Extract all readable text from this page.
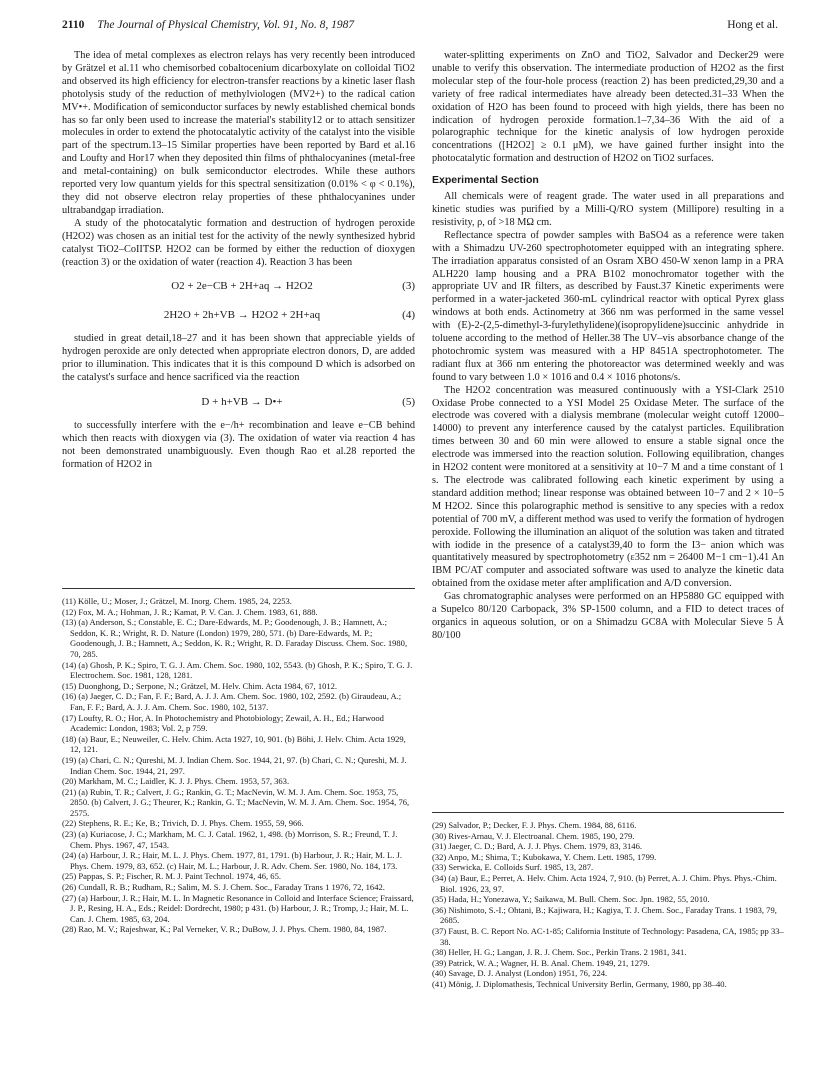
2110 The Journal of Physical Chemistry, Vol. 91, No. 8, 1987	Hong et al.

The idea of metal complexes as electron relays has very recently been introduced by Grätzel et al.11 who chemisorbed cobaltocenium dicarboxylate on colloidal TiO2 and observed its high efficiency for electron-transfer reactions by a kinetic laser flash photolysis study of the reduction of methylviologen (MV2+) to the radical cation MV•+. Modification of semiconductor surfaces by newly established chemical bonds has so far only been used to increase the material's stability12 or to attach sensitizer molecules in order to extend the photocatalytic activity of the catalyst into the visible part of the spectrum.13–15 Similar properties have been reported by Bard et al.16 and Loufty and Hor17 when they deposited thin films of phthalocyanines (metal-free and metal-containing) on bulk semiconductor electrodes. While these authors reported very low quantum yields for this spectral sensitization (0.01% < φ < 0.1%), they did not observe electron relay properties of these phthalocyanines under ultrabandgap irradiation.

A study of the photocatalytic formation and destruction of hydrogen peroxide (H2O2) was chosen as an initial test for the activity of the newly synthesized hybrid catalyst TiO2–CoIITSP. H2O2 can be formed by either the reduction of dioxygen (reaction 3) or the oxidation of water (reaction 4). Reaction 3 has been

O2 + 2e−CB + 2H+aq → H2O2	(3)
2H2O + 2h+VB → H2O2 + 2H+aq	(4)

studied in great detail,18–27 and it has been shown that appreciable yields of hydrogen peroxide are only detected when appropriate electron donors, D, are added prior to illumination. This indicates that it is this compound D which is adsorbed on the catalyst's surface and hence sacrificed via the reaction

D + h+VB → D•+	(5)

to successfully interfere with the e−/h+ recombination and leave e−CB behind which then reacts with dioxygen via (3). The oxidation of water via reaction 4 has not been demonstrated unambiguously. Even though Rao et al.28 reported the formation of H2O2 in

(11) Kölle, U.; Moser, J.; Grätzel, M. Inorg. Chem. 1985, 24, 2253.
(12) Fox, M. A.; Hohman, J. R.; Kamat, P. V. Can. J. Chem. 1983, 61, 888.
(13) (a) Anderson, S.; Constable, E. C.; Dare-Edwards, M. P.; Goodenough, J. B.; Hamnett, A.; Seddon, K. R.; Wright, R. D. Nature (London) 1979, 280, 571. (b) Dare-Edwards, M. P.; Goodenough, J. B.; Hamnett, A.; Seddon, K. R.; Wright, R. D. Faraday Discuss. Chem. Soc. 1980, 70, 285.
(14) (a) Ghosh, P. K.; Spiro, T. G. J. Am. Chem. Soc. 1980, 102, 5543. (b) Ghosh, P. K.; Spiro, T. G. J. Electrochem. Soc. 1981, 128, 1281.
(15) Duonghong, D.; Serpone, N.; Grätzel, M. Helv. Chim. Acta 1984, 67, 1012.
(16) (a) Jaeger, C. D.; Fan, F. F.; Bard, A. J. J. Am. Chem. Soc. 1980, 102, 2592. (b) Giraudeau, A.; Fan, F. F.; Bard, A. J. J. Am. Chem. Soc. 1980, 102, 5137.
(17) Loufty, R. O.; Hor, A. In Photochemistry and Photobiology; Zewail, A. H., Ed.; Harwood Academic: London, 1983; Vol. 2, p 759.
(18) (a) Baur, E.; Neuweiler, C. Helv. Chim. Acta 1927, 10, 901. (b) Böhi, J. Helv. Chim. Acta 1929, 12, 121.
(19) (a) Chari, C. N.; Qureshi, M. J. Indian Chem. Soc. 1944, 21, 97. (b) Chari, C. N.; Qureshi, M. J. Indian Chem. Soc. 1944, 21, 297.
(20) Markham, M. C.; Laidler, K. J. J. Phys. Chem. 1953, 57, 363.
(21) (a) Rubin, T. R.; Calvert, J. G.; Rankin, G. T.; MacNevin, W. M. J. Am. Chem. Soc. 1953, 75, 2850. (b) Calvert, J. G.; Theurer, K.; Rankin, G. T.; MacNevin, W. M. J. Am. Chem. Soc. 1954, 76, 2575.
(22) Stephens, R. E.; Ke, B.; Trivich, D. J. Phys. Chem. 1955, 59, 966.
(23) (a) Kuriacose, J. C.; Markham, M. C. J. Catal. 1962, 1, 498. (b) Morrison, S. R.; Freund, T. J. Chem. Phys. 1967, 47, 1543.
(24) (a) Harbour, J. R.; Hair, M. L. J. Phys. Chem. 1977, 81, 1791. (b) Harbour, J. R.; Hair, M. L. J. Phys. Chem. 1979, 83, 652. (c) Hair, M. L.; Harbour, J. R. Adv. Chem. Ser. 1980, No. 184, 173.
(25) Pappas, S. P.; Fischer, R. M. J. Paint Technol. 1974, 46, 65.
(26) Cundall, R. B.; Rudham, R.; Salim, M. S. J. Chem. Soc., Faraday Trans 1 1976, 72, 1642.
(27) (a) Harbour, J. R.; Hair, M. L. In Magnetic Resonance in Colloid and Interface Science; Fraissard, J. P., Resing, H. A., Eds.; Reidel: Dordrecht, 1980; p 431. (b) Harbour, J. R.; Tromp, J.; Hair, M. L. Can. J. Chem. 1985, 63, 204.
(28) Rao, M. V.; Rajeshwar, K.; Pal Verneker, V. R.; DuBow, J. J. Phys. Chem. 1980, 84, 1987.

water-splitting experiments on ZnO and TiO2, Salvador and Decker29 were unable to verify this observation. The intermediate production of H2O2 as the first molecular step of the four-hole process (reaction 2) has been predicted,29,30 and a variety of free radical intermediates have already been detected.31–33 When the oxidation of H2O has been found to proceed with high yields, there has been no indication of hydrogen peroxide formation.1–7,34–36 With the aid of a polarographic technique for the kinetic analysis of low hydrogen peroxide concentrations ([H2O2] ≥ 0.1 μM), we have gained further insight into the photocatalytic formation and destruction of H2O2 on TiO2 surfaces.

Experimental Section

All chemicals were of reagent grade. The water used in all preparations and kinetic studies was purified by a Milli-Q/RO system (Millipore) resulting in a resistivity, ρ, of >18 MΩ cm.

Reflectance spectra of powder samples with BaSO4 as a reference were taken with a Shimadzu UV-260 spectrophotometer equipped with an integrating sphere. The irradiation apparatus consisted of an Osram XBO 450-W xenon lamp in a PRA ALH220 lamp housing and a PRA B102 monochromator together with the appropriate UV and IR filters, as described by Faust.37 Kinetic experiments were performed in a water-jacketed 360-mL cylindrical reactor with optical Pyrex glass windows at both ends. Actinometry at 366 nm was performed in the same vessel with (E)-2-(2,5-dimethyl-3-furylethylidene)(isopropylidene)succinic anhydride in toluene according to the method of Heller.38 The UV–vis absorbance change of the photochromic system was measured with a HP 8451A spectrophotometer. The radiant flux at 366 nm entering the photoreactor was determined weekly and was found to vary between 1.0 × 1016 and 0.4 × 1016 photons/s.

The H2O2 concentration was measured continuously with a YSI-Clark 2510 Oxidase Probe connected to a YSI Model 25 Oxidase Meter. The surface of the electrode was covered with a dialysis membrane (molecular weight cutoff 12000–14000) to prevent any interference caused by the catalyst particles. Equilibration times between 30 and 60 min were allowed to ensure a stable signal once the electrode was immersed into the reaction solution. Following equilibration, changes in H2O2 content were monitored at a sensitivity at 10−7 M and a time constant of 1 s. The electrode was calibrated following each kinetic experiment by using a standard addition method; linear response was obtained between 10−7 and 2 × 10−5 M H2O2. Since this polarographic method is sensitive to any species with a redox potential of 700 mV, a different method was used to verify the formation of hydrogen peroxide. Following the illumination an aliquot of the solution was taken and titrated with iodide in the presence of a catalyst39,40 to form the I3− anion which was quantitatively measured by spectrophotometry (ε352 nm = 26400 M−1 cm−1).41 An IBM PC/AT computer and associated software was used to analyze the kinetic data obtained from the oxidase meter after amplification and A/D conversion.

Gas chromatographic analyses were performed on an HP5880 GC equipped with a Supelco 80/120 Carbopack, 3% SP-1500 column, and a FID to detect traces of organics in aqueous solution, or on a Shimadzu GC8A with Molecular Sieve 5 Å 80/100

(29) Salvador, P.; Decker, F. J. Phys. Chem. 1984, 88, 6116.
(30) Rives-Arnau, V. J. Electroanal. Chem. 1985, 190, 279.
(31) Jaeger, C. D.; Bard, A. J. J. Phys. Chem. 1979, 83, 3146.
(32) Anpo, M.; Shima, T.; Kubokawa, Y. Chem. Lett. 1985, 1799.
(33) Serwicka, E. Colloids Surf. 1985, 13, 287.
(34) (a) Baur, E.; Perret, A. Helv. Chim. Acta 1924, 7, 910. (b) Perret, A. J. Chim. Phys. Phys.-Chim. Biol. 1926, 23, 97.
(35) Hada, H.; Yonezawa, Y.; Saikawa, M. Bull. Chem. Soc. Jpn. 1982, 55, 2010.
(36) Nishimoto, S.-I.; Ohtani, B.; Kajiwara, H.; Kagiya, T. J. Chem. Soc., Faraday Trans. 1 1983, 79, 2685.
(37) Faust, B. C. Report No. AC-1-85; California Institute of Technology: Pasadena, CA, 1985; pp 33–38.
(38) Heller, H. G.; Langan, J. R. J. Chem. Soc., Perkin Trans. 2 1981, 341.
(39) Patrick, W. A.; Wagner, H. B. Anal. Chem. 1949, 21, 1279.
(40) Savage, D. J. Analyst (London) 1951, 76, 224.
(41) Mönig, J. Diplomathesis, Technical University Berlin, Germany, 1980, pp 38–40.
